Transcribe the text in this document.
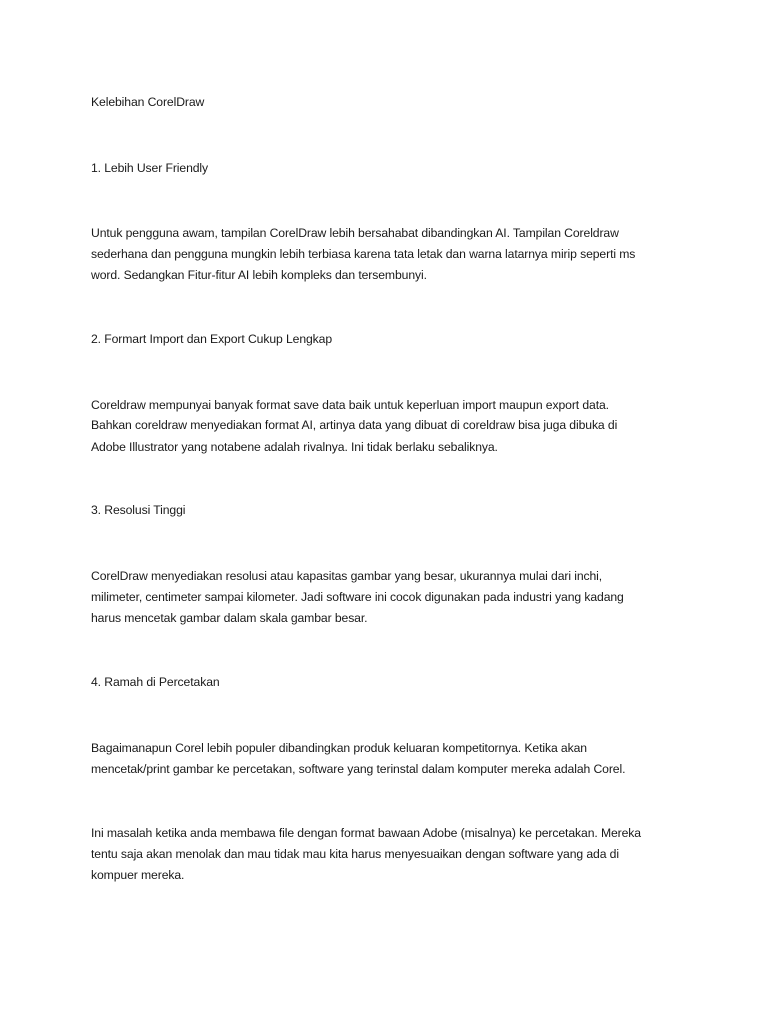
Kelebihan CorelDraw
1. Lebih User Friendly
Untuk pengguna awam, tampilan CorelDraw lebih bersahabat dibandingkan AI. Tampilan Coreldraw
sederhana dan pengguna mungkin lebih terbiasa karena tata letak dan warna latarnya mirip seperti ms
word. Sedangkan Fitur-fitur AI lebih kompleks dan tersembunyi.
2. Formart Import dan Export Cukup Lengkap
Coreldraw mempunyai banyak format save data baik untuk keperluan import maupun export data.
Bahkan coreldraw menyediakan format AI, artinya data yang dibuat di coreldraw bisa juga dibuka di
Adobe Illustrator yang notabene adalah rivalnya. Ini tidak berlaku sebaliknya.
3. Resolusi Tinggi
CorelDraw menyediakan resolusi atau kapasitas gambar yang besar, ukurannya mulai dari inchi,
milimeter, centimeter sampai kilometer. Jadi software ini cocok digunakan pada industri yang kadang
harus mencetak gambar dalam skala gambar besar.
4. Ramah di Percetakan
Bagaimanapun Corel lebih populer dibandingkan produk keluaran kompetitornya. Ketika akan
mencetak/print gambar ke percetakan, software yang terinstal dalam komputer mereka adalah Corel.
Ini masalah ketika anda membawa file dengan format bawaan Adobe (misalnya) ke percetakan. Mereka
tentu saja akan menolak dan mau tidak mau kita harus menyesuaikan dengan software yang ada di
kompuer mereka.
